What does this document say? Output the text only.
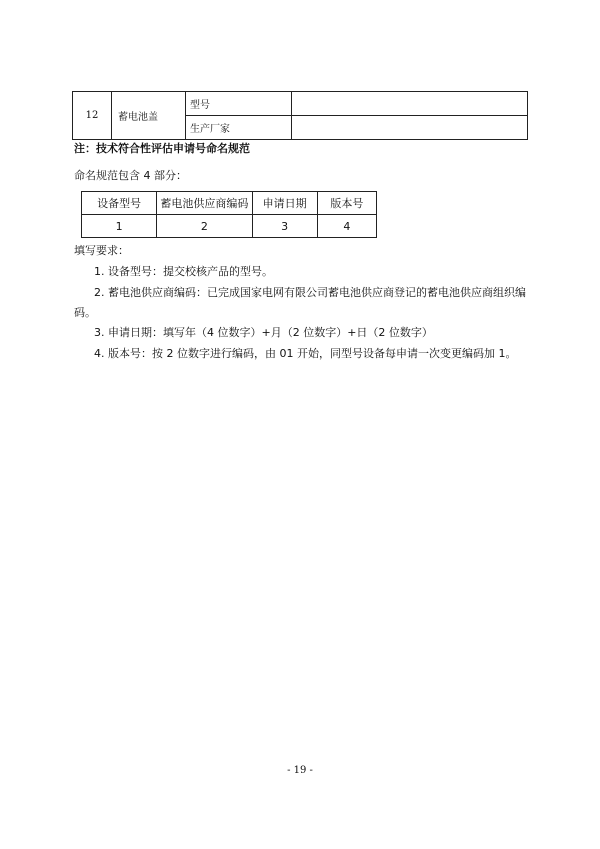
12	蓄电池盖	型号	
		生产厂家	
注：技术符合性评估申请号命名规范
命名规范包含 4 部分：
设备型号	蓄电池供应商编码	申请日期	版本号
1	2	3	4
填写要求：
1. 设备型号：提交校核产品的型号。
2. 蓄电池供应商编码：已完成国家电网有限公司蓄电池供应商登记的蓄电池供应商组织编
码。
3. 申请日期：填写年（4 位数字）+月（2 位数字）+日（2 位数字）
4. 版本号：按 2 位数字进行编码，由 01 开始，同型号设备每申请一次变更编码加 1。
- 19 -
